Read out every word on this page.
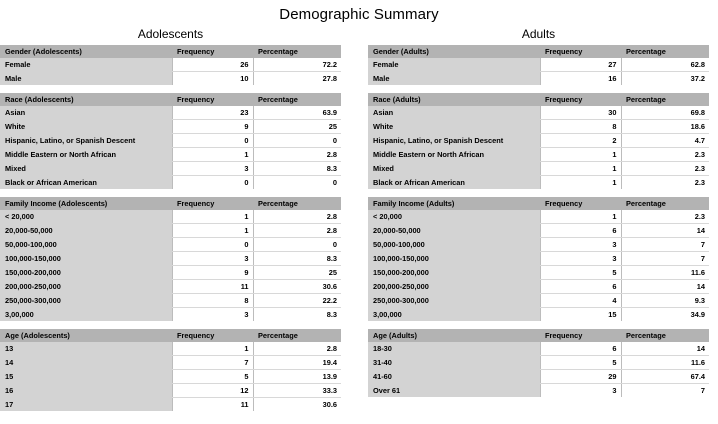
Demographic Summary
Adolescents
Gender (Adolescents)	Frequency	Percentage
Female	26	72.2
Male	10	27.8
Race (Adolescents)	Frequency	Percentage
Asian	23	63.9
White	9	25
Hispanic, Latino, or Spanish Descent	0	0
Middle Eastern or North African	1	2.8
Mixed	3	8.3
Black or African American	0	0
Family Income (Adolescents)	Frequency	Percentage
< 20,000	1	2.8
20,000-50,000	1	2.8
50,000-100,000	0	0
100,000-150,000	3	8.3
150,000-200,000	9	25
200,000-250,000	11	30.6
250,000-300,000	8	22.2
3,00,000	3	8.3
Age (Adolescents)	Frequency	Percentage
13	1	2.8
14	7	19.4
15	5	13.9
16	12	33.3
17	11	30.6
Adults
Gender (Adults)	Frequency	Percentage
Female	27	62.8
Male	16	37.2
Race (Adults)	Frequency	Percentage
Asian	30	69.8
White	8	18.6
Hispanic, Latino, or Spanish Descent	2	4.7
Middle Eastern or North African	1	2.3
Mixed	1	2.3
Black or African American	1	2.3
Family Income (Adults)	Frequency	Percentage
< 20,000	1	2.3
20,000-50,000	6	14
50,000-100,000	3	7
100,000-150,000	3	7
150,000-200,000	5	11.6
200,000-250,000	6	14
250,000-300,000	4	9.3
3,00,000	15	34.9
Age (Adults)	Frequency	Percentage
18-30	6	14
31-40	5	11.6
41-60	29	67.4
Over 61	3	7
